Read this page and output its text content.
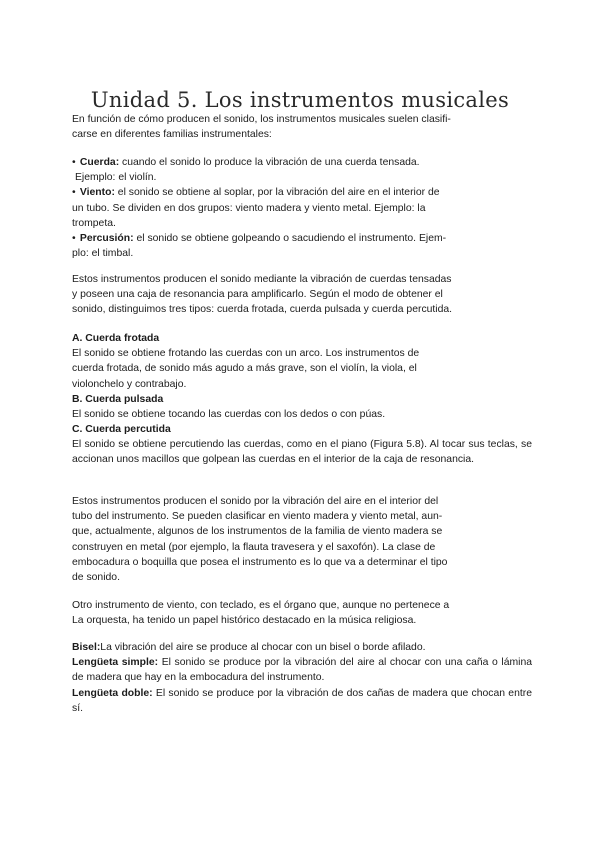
Unidad 5. Los instrumentos musicales
En función de cómo producen el sonido, los instrumentos musicales suelen clasifi-
carse en diferentes familias instrumentales:
• Cuerda: cuando el sonido lo produce la vibración de una cuerda tensada.
Ejemplo: el violín.
• Viento: el sonido se obtiene al soplar, por la vibración del aire en el interior de
un tubo. Se dividen en dos grupos: viento madera y viento metal. Ejemplo: la
trompeta.
• Percusión: el sonido se obtiene golpeando o sacudiendo el instrumento. Ejem-
plo: el timbal.
Estos instrumentos producen el sonido mediante la vibración de cuerdas tensadas
y poseen una caja de resonancia para amplificarlo. Según el modo de obtener el
sonido, distinguimos tres tipos: cuerda frotada, cuerda pulsada y cuerda percutida.
A. Cuerda frotada
El sonido se obtiene frotando las cuerdas con un arco. Los instrumentos de
cuerda frotada, de sonido más agudo a más grave, son el violín, la viola, el
violonchelo y contrabajo.
B. Cuerda pulsada
El sonido se obtiene tocando las cuerdas con los dedos o con púas.
C. Cuerda percutida

El sonido se obtiene percutiendo las cuerdas, como en el piano (Figura 5.8). Al tocar sus teclas, se accionan unos macillos que golpean las cuerdas en el interior de la caja de resonancia.

Estos instrumentos producen el sonido por la vibración del aire en el interior del
tubo del instrumento. Se pueden clasificar en viento madera y viento metal, aun-
que, actualmente, algunos de los instrumentos de la familia de viento madera se
construyen en metal (por ejemplo, la flauta travesera y el saxofón). La clase de
embocadura o boquilla que posea el instrumento es lo que va a determinar el tipo
de sonido.
Otro instrumento de viento, con teclado, es el órgano que, aunque no pertenece a
La orquesta, ha tenido un papel histórico destacado en la música religiosa.

Bisel:La vibración del aire se produce al chocar con un bisel o borde afilado.

Lengüeta simple: El sonido se produce por la vibración del aire al chocar con una caña o lámina de madera que hay en la embocadura del instrumento.

Lengüeta doble: El sonido se produce por la vibración de dos cañas de madera que chocan entre sí.
